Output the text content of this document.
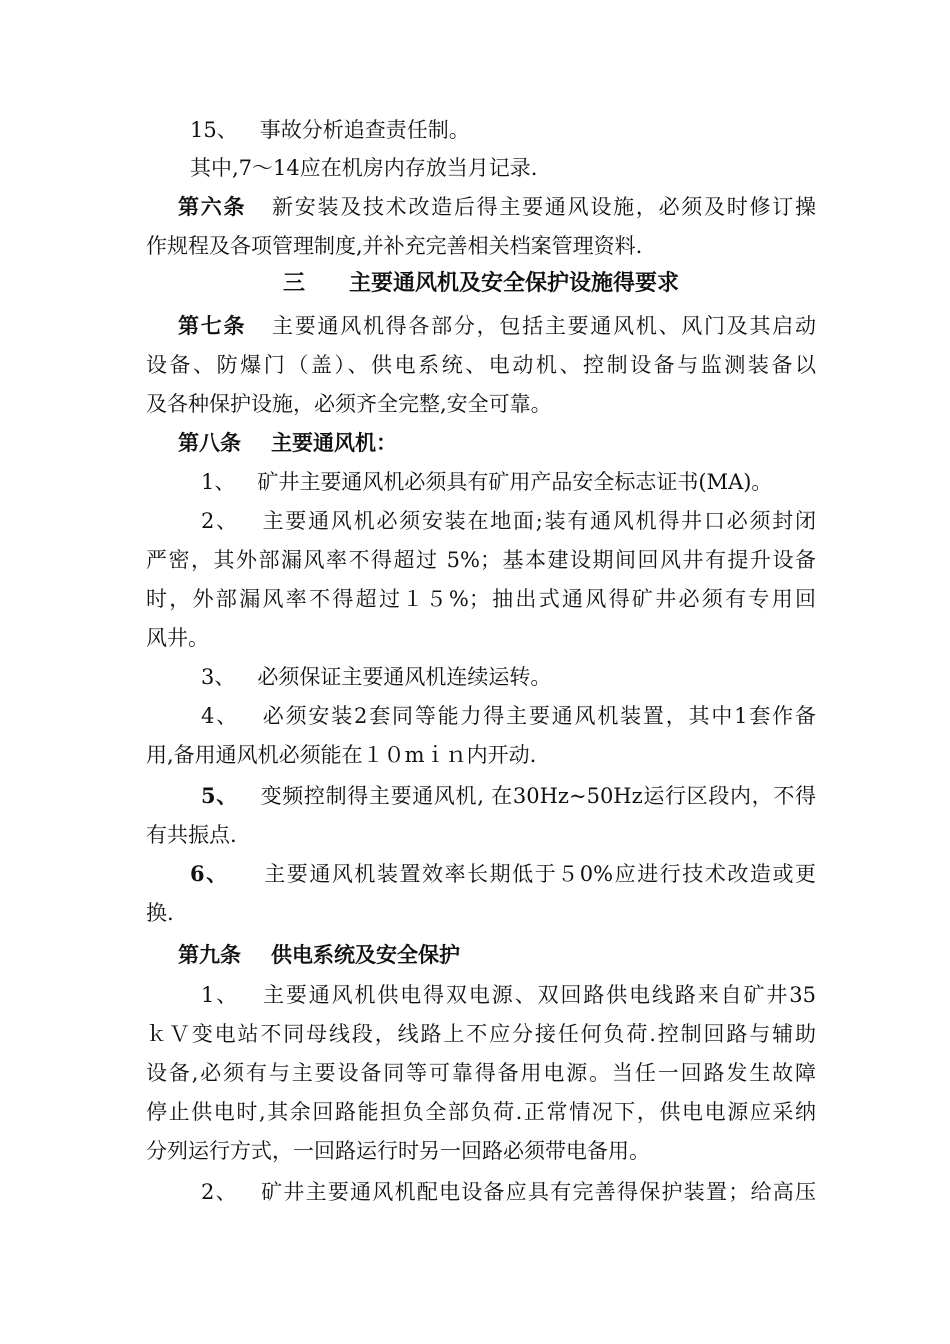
15、 事故分析追查责任制。
其中,7～14应在机房内存放当月记录.
第六条 新安装及技术改造后得主要通风设施，必须及时修订操
作规程及各项管理制度,并补充完善相关档案管理资料.
三 主要通风机及安全保护设施得要求
第七条 主要通风机得各部分，包括主要通风机、风门及其启动
设备、防爆门（盖）、供电系统、电动机、控制设备与监测装备以
及各种保护设施，必须齐全完整,安全可靠。
第八条 主要通风机：
1、 矿井主要通风机必须具有矿用产品安全标志证书(MA)。
2、 主要通风机必须安装在地面;装有通风机得井口必须封闭
严密，其外部漏风率不得超过 5%；基本建设期间回风井有提升设备
时，外部漏风率不得超过１５%；抽出式通风得矿井必须有专用回
风井。
3、 必须保证主要通风机连续运转。
4、 必须安装2套同等能力得主要通风机装置，其中1套作备
用,备用通风机必须能在１０mｉｎ内开动.
5、 变频控制得主要通风机, 在30Hz~50Hz运行区段内，不得
有共振点.
6、 主要通风机装置效率长期低于５0%应进行技术改造或更
换.
第九条 供电系统及安全保护
1、 主要通风机供电得双电源、双回路供电线路来自矿井35
ｋＶ变电站不同母线段，线路上不应分接任何负荷.控制回路与辅助
设备,必须有与主要设备同等可靠得备用电源。当任一回路发生故障
停止供电时,其余回路能担负全部负荷.正常情况下，供电电源应采纳
分列运行方式，一回路运行时另一回路必须带电备用。
2、 矿井主要通风机配电设备应具有完善得保护装置；给高压
